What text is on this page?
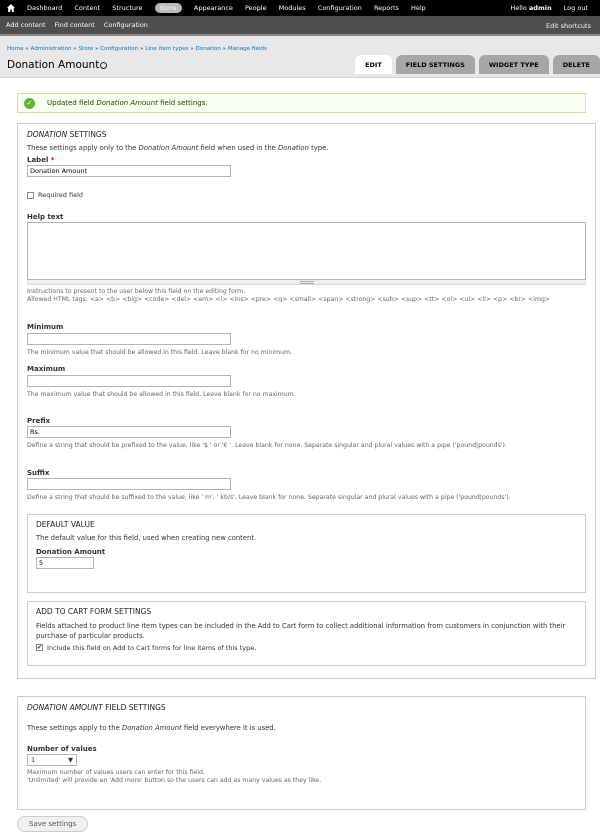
Dashboard Content Structure	Store	Appearance People Modules Configuration Reports Help	Hello admin Log out
Add content Find content Configuration	Edit shortcuts
Home » Administration » Store » Configuration » Line item types » Donation » Manage fields
Donation Amount	EDIT	FIELD SETTINGS	WIDGET TYPE	DELETE
✓	Updated field Donation Amount field settings.
DONATION SETTINGS
These settings apply only to the Donation Amount field when used in the Donation type.
Label *
Donation Amount
Required field
Help text
Instructions to present to the user below this field on the editing form.
Allowed HTML tags: <a> <b> <big> <code> <del> <em> <i> <ins> <pre> <q> <small> <span> <strong> <sub> <sup> <tt> <ol> <ul> <li> <p> <br> <img>
Minimum
The minimum value that should be allowed in this field. Leave blank for no minimum.
Maximum
The maximum value that should be allowed in this field. Leave blank for no maximum.
Prefix
Rs.
Define a string that should be prefixed to the value, like '$ ' or '€ '. Leave blank for none. Separate singular and plural values with a pipe ('pound|pounds').
Suffix
Define a string that should be suffixed to the value, like ' m', ' kb/s'. Leave blank for none. Separate singular and plural values with a pipe ('pound|pounds').
DEFAULT VALUE
The default value for this field, used when creating new content.
Donation Amount
5
ADD TO CART FORM SETTINGS
Fields attached to product line item types can be included in the Add to Cart form to collect additional information from customers in conjunction with their purchase of particular products.
✔ Include this field on Add to Cart forms for line items of this type.
DONATION AMOUNT FIELD SETTINGS
These settings apply to the Donation Amount field everywhere it is used.
Number of values
1	▼
Maximum number of values users can enter for this field.
'Unlimited' will provide an 'Add more' button so the users can add as many values as they like.
Save settings
